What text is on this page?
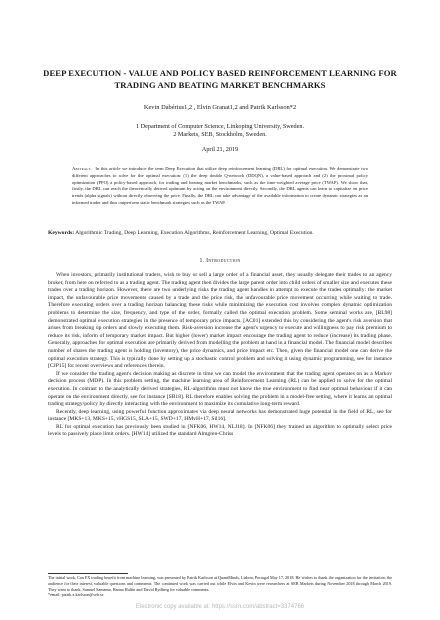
DEEP EXECUTION - VALUE AND POLICY BASED REINFORCEMENT LEARNING FOR TRADING AND BEATING MARKET BENCHMARKS
Kevin Dabérius1,2 , Elvin Granat1,2 and Patrik Karlsson*2
1 Department of Computer Science, Linkoping University, Sweden.
2 Markets, SEB, Stockholm, Sweden.
April 21, 2019
Abstract. In this article we introduce the term Deep Execution that utilize deep reinforcement learning (DRL) for optimal execution. We demonstrate two different approaches to solve for the optimal execution: (1) the deep double Q-network (DDQN), a value-based approach and (2) the proximal policy optimization (PPO) a policy-based approach, for trading and beating market benchmarks, such as the time-weighted average price (TWAP). We show that, firstly, the DRL can reach the theoretically derived optimum by acting on the environment directly. Secondly, the DRL agents can learn to capitalize on price trends (alpha signals) without directly observing the price. Finally, the DRL can take advantage of the available information to create dynamic strategies as an informed trader and thus outperform static benchmark strategies such as the TWAP.
Keywords: Algorithmic Trading, Deep Learning, Execution Algorithms, Reinforcement Learning, Optimal Execution.
1. Introduction

When investors, primarily institutional traders, wish to buy or sell a large order of a financial asset, they usually delegate their trades to an agency broker, from here on referred to as a trading agent. The trading agent then divides the large parent order into child orders of smaller size and executes these trades over a trading horizon. However, there are two underlying risks the trading agent handles in attempt to execute the trades optimally: the market impact, the unfavourable price movements caused by a trade and the price risk, the unfavourable price movement occurring while waiting to trade. Therefore executing orders over a trading horizon balancing these risks while minimizing the execution cost involves complex dynamic optimization problems to determine the size, frequency, and type of the order, formally called the optimal execution problem. Some seminal works are, [BL98] demonstrated optimal execution strategies in the presence of temporary price impacts. [AC01] extended this by considering the agent's risk aversion that arises from breaking up orders and slowly executing them. Risk-aversion increase the agent's urgency to execute and willingness to pay risk premium to reduce its risk, inform of temporary market impact. But higher (lower) market impact encourage the trading agent to reduce (increase) its trading phase. Generally, approaches for optimal execution are primarily derived from modelling the problem at hand in a financial model. The financial model describes number of shares the trading agent is holding (inventory), the price dynamics, and price impact etc. Then, given the financial model one can derive the optimal execution strategy. This is typically done by setting up a stochastic control problem and solving it using dynamic programming, see for instance [CJP15] for recent overviews and references therein.

If we consider the trading agent's decision making as discrete in time we can model the environment that the trading agent operates on as a Markov decision process (MDP). In this problem setting, the machine learning area of Reinforcement Learning (RL) can be applied to solve for the optimal execution. In contrast to the analytically derived strategies, RL-algorithms must not know the true environment to find near optimal behaviour if it can operate on the environment directly, see for instance [SB18]. RL therefore enables solving the problem in a model-free setting, where it learns an optimal trading strategy/policy by directly interacting with the environment to maximize its cumulative long-term reward.

Recently, deep learning, using powerful function approximates via deep neural networks has demonstrated huge potential in the field of RL, see for instance [MKS+13, MKS+15, vHGS15, SLA+15, SWD+17, HMvH+17, Sil16].

RL for optimal execution has previously been studied in [NFK06, HW14, NLJ18]. In [NFK06] they trained an algorithm to optimally select price levels to passively place limit orders. [HW14] utilized the standard Almgren-Chriss

The initial work, Can FX trading benefit from machine learning, was presented by Patrik Karlsson at QuantMinds, Lisbon, Portugal May 17, 2018. He wishes to thank the organization for the invitation, the audience for their interest, valuable questions and comments. The continued work was carried out while Elvin and Kevin were researchers at SEB Markets during November 2018 through March 2019. They want to thank, Samuel Samama, Hanna Hultin and David Rydberg for valuable comments.
*email: patrik.x.karlsson@seb.se
Electronic copy available at: https://ssrn.com/abstract=3374766
